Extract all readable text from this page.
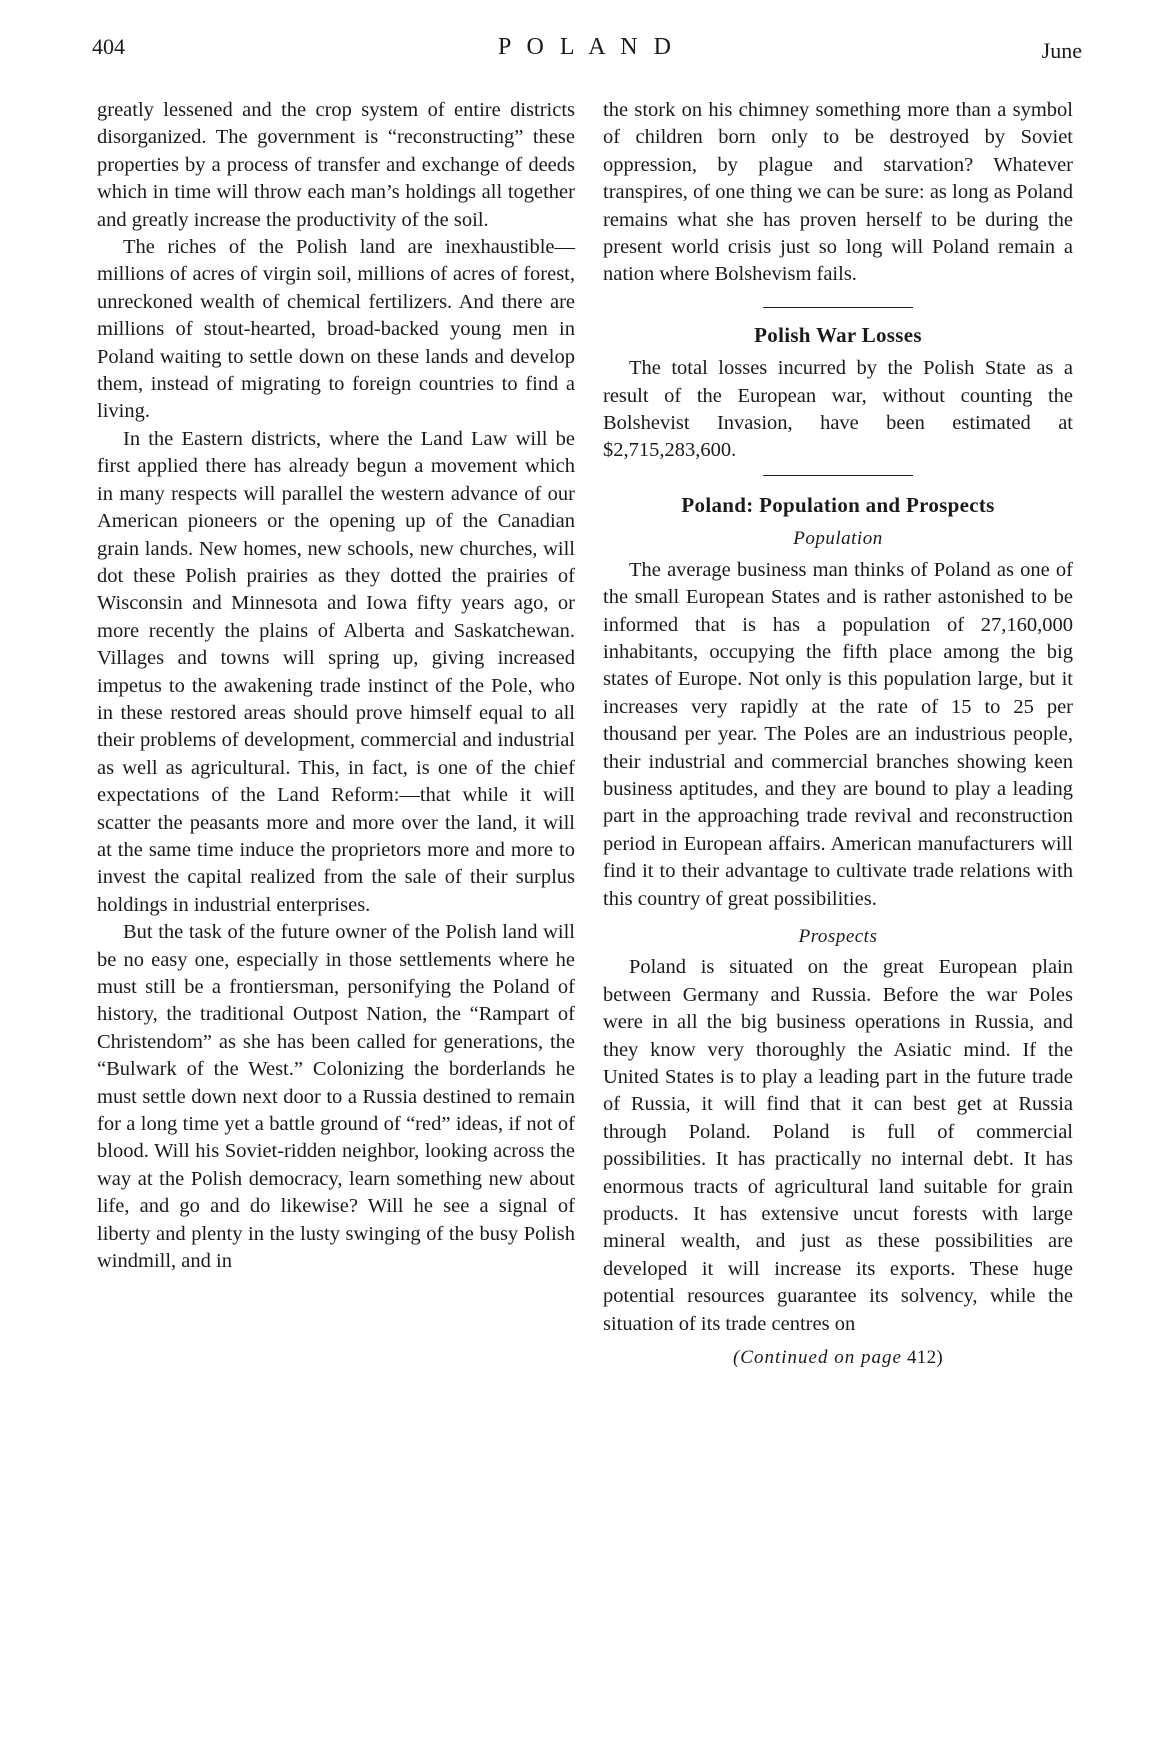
404	P O L A N D	June

greatly lessened and the crop system of entire districts disorganized. The government is “reconstructing” these properties by a process of transfer and exchange of deeds which in time will throw each man’s holdings all together and greatly increase the productivity of the soil.

The riches of the Polish land are inexhaustible—millions of acres of virgin soil, millions of acres of forest, unreckoned wealth of chemical fertilizers. And there are millions of stout-hearted, broad-backed young men in Poland waiting to settle down on these lands and develop them, instead of migrating to foreign countries to find a living.

In the Eastern districts, where the Land Law will be first applied there has already begun a movement which in many respects will parallel the western advance of our American pioneers or the opening up of the Canadian grain lands. New homes, new schools, new churches, will dot these Polish prairies as they dotted the prairies of Wisconsin and Minnesota and Iowa fifty years ago, or more recently the plains of Alberta and Saskatchewan. Villages and towns will spring up, giving increased impetus to the awakening trade instinct of the Pole, who in these restored areas should prove himself equal to all their problems of development, commercial and industrial as well as agricultural. This, in fact, is one of the chief expectations of the Land Reform:—that while it will scatter the peasants more and more over the land, it will at the same time induce the proprietors more and more to invest the capital realized from the sale of their surplus holdings in industrial enterprises.

But the task of the future owner of the Polish land will be no easy one, especially in those settlements where he must still be a frontiersman, personifying the Poland of history, the traditional Outpost Nation, the “Rampart of Christendom” as she has been called for generations, the “Bulwark of the West.” Colonizing the borderlands he must settle down next door to a Russia destined to remain for a long time yet a battle ground of “red” ideas, if not of blood. Will his Soviet-ridden neighbor, looking across the way at the Polish democracy, learn something new about life, and go and do likewise? Will he see a signal of liberty and plenty in the lusty swinging of the busy Polish windmill, and in

the stork on his chimney something more than a symbol of children born only to be destroyed by Soviet oppression, by plague and starvation? Whatever transpires, of one thing we can be sure: as long as Poland remains what she has proven herself to be during the present world crisis just so long will Poland remain a nation where Bolshevism fails.

Polish War Losses

The total losses incurred by the Polish State as a result of the European war, without counting the Bolshevist Invasion, have been estimated at $2,715,283,600.

Poland: Population and Prospects
Population

The average business man thinks of Poland as one of the small European States and is rather astonished to be informed that is has a population of 27,160,000 inhabitants, occupying the fifth place among the big states of Europe. Not only is this population large, but it increases very rapidly at the rate of 15 to 25 per thousand per year. The Poles are an industrious people, their industrial and commercial branches showing keen business aptitudes, and they are bound to play a leading part in the approaching trade revival and reconstruction period in European affairs. American manufacturers will find it to their advantage to cultivate trade relations with this country of great possibilities.

Prospects

Poland is situated on the great European plain between Germany and Russia. Before the war Poles were in all the big business operations in Russia, and they know very thoroughly the Asiatic mind. If the United States is to play a leading part in the future trade of Russia, it will find that it can best get at Russia through Poland. Poland is full of commercial possibilities. It has practically no internal debt. It has enormous tracts of agricultural land suitable for grain products. It has extensive uncut forests with large mineral wealth, and just as these possibilities are developed it will increase its exports. These huge potential resources guarantee its solvency, while the situation of its trade centres on

(Continued on page 412)
